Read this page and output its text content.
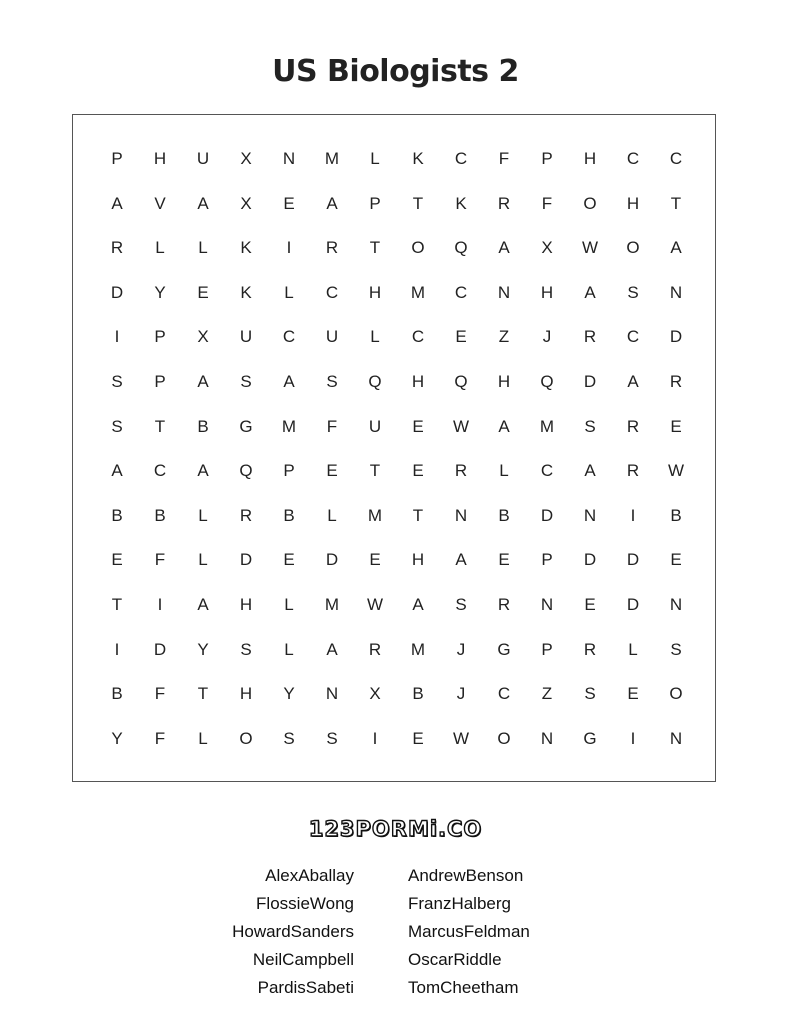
US Biologists 2
P	H	U	X	N	M	L	K	C	F	P	H	C	C
A	V	A	X	E	A	P	T	K	R	F	O	H	T
R	L	L	K	I	R	T	O	Q	A	X	W	O	A
D	Y	E	K	L	C	H	M	C	N	H	A	S	N
I	P	X	U	C	U	L	C	E	Z	J	R	C	D
S	P	A	S	A	S	Q	H	Q	H	Q	D	A	R
S	T	B	G	M	F	U	E	W	A	M	S	R	E
A	C	A	Q	P	E	T	E	R	L	C	A	R	W
B	B	L	R	B	L	M	T	N	B	D	N	I	B
E	F	L	D	E	D	E	H	A	E	P	D	D	E
T	I	A	H	L	M	W	A	S	R	N	E	D	N
I	D	Y	S	L	A	R	M	J	G	P	R	L	S
B	F	T	H	Y	N	X	B	J	C	Z	S	E	O
Y	F	L	O	S	S	I	E	W	O	N	G	I	N
123PORMi.CO
AlexAballay
FlossieWong
HowardSanders
NeilCampbell
PardisSabeti
AndrewBenson
FranzHalberg
MarcusFeldman
OscarRiddle
TomCheetham
